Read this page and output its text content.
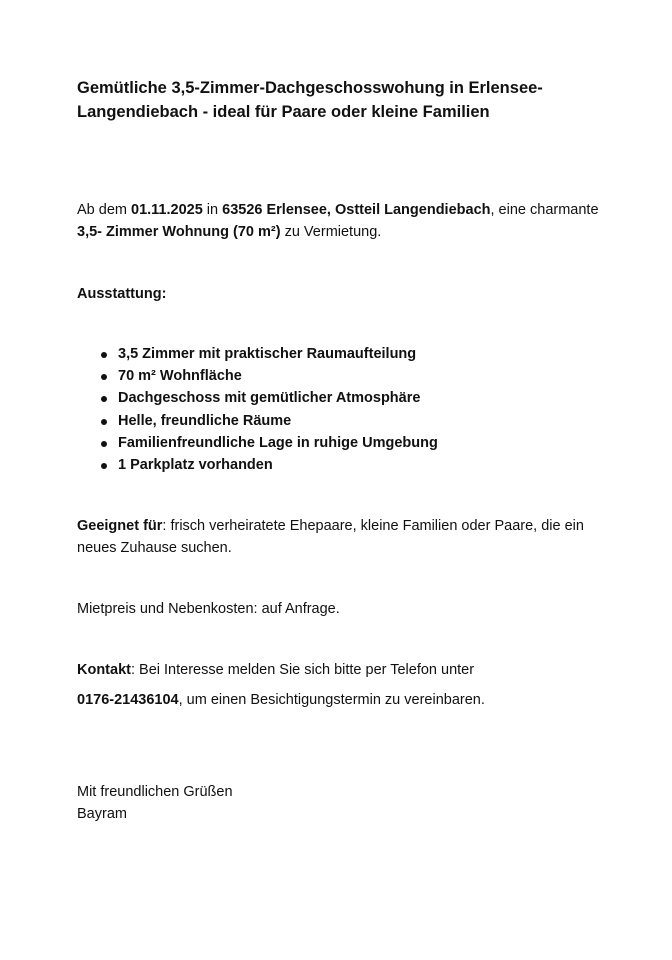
Gemütliche 3,5-Zimmer-Dachgeschosswohung in Erlensee-Langendiebach - ideal für Paare oder kleine Familien

Ab dem 01.11.2025 in 63526 Erlensee, Ostteil Langendiebach, eine charmante 3,5- Zimmer Wohnung (70 m²) zu Vermietung.

Ausstattung:

3,5 Zimmer mit praktischer Raumaufteilung
70 m² Wohnfläche
Dachgeschoss mit gemütlicher Atmosphäre
Helle, freundliche Räume
Familienfreundliche Lage in ruhige Umgebung
1 Parkplatz vorhanden

Geeignet für: frisch verheiratete Ehepaare, kleine Familien oder Paare, die ein neues Zuhause suchen.

Mietpreis und Nebenkosten: auf Anfrage.

Kontakt: Bei Interesse melden Sie sich bitte per Telefon unter

0176-21436104, um einen Besichtigungstermin zu vereinbaren.

Mit freundlichen Grüßen

Bayram
